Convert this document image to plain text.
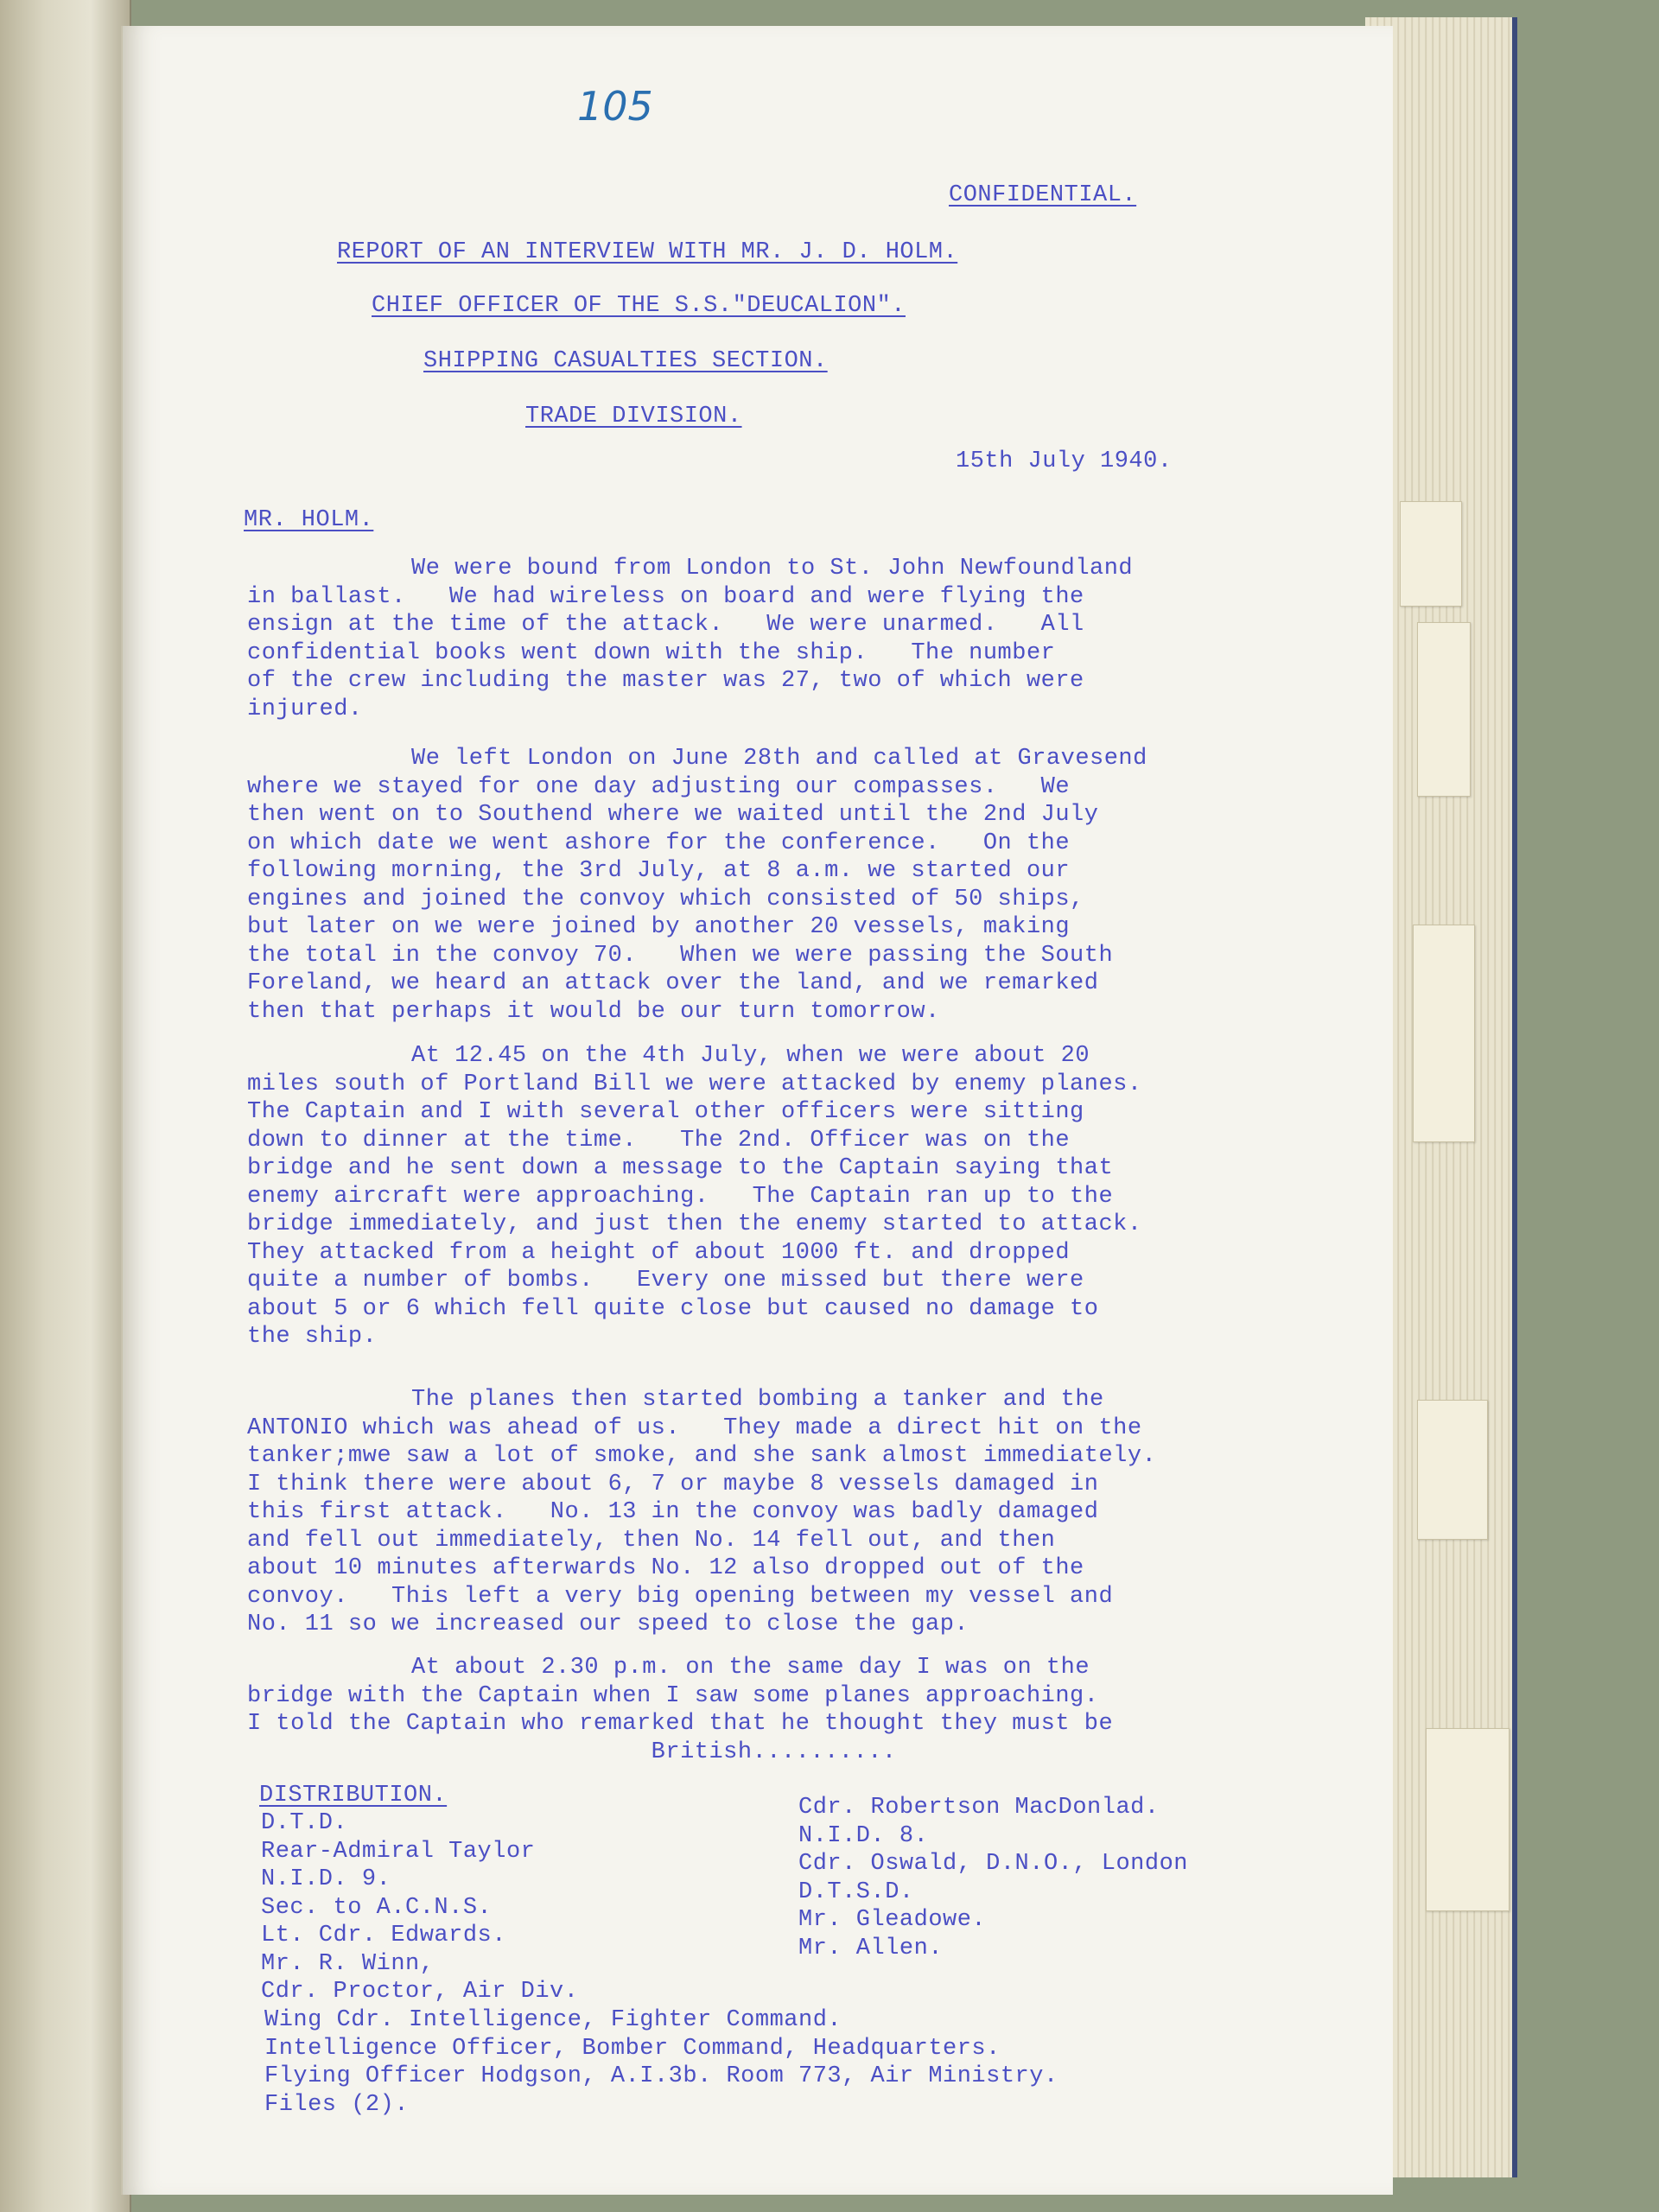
105
CONFIDENTIAL.
REPORT OF AN INTERVIEW WITH MR. J. D. HOLM.
CHIEF OFFICER OF THE S.S."DEUCALION".
SHIPPING CASUALTIES SECTION.
TRADE DIVISION.
15th July 1940.
MR. HOLM.
We were bound from London to St. John Newfoundland
in ballast.   We had wireless on board and were flying the
ensign at the time of the attack.   We were unarmed.   All
confidential books went down with the ship.   The number
of the crew including the master was 27, two of which were
injured.
We left London on June 28th and called at Gravesend
where we stayed for one day adjusting our compasses.   We
then went on to Southend where we waited until the 2nd July
on which date we went ashore for the conference.   On the
following morning, the 3rd July, at 8 a.m. we started our
engines and joined the convoy which consisted of 50 ships,
but later on we were joined by another 20 vessels, making
the total in the convoy 70.   When we were passing the South
Foreland, we heard an attack over the land, and we remarked
then that perhaps it would be our turn tomorrow.
At 12.45 on the 4th July, when we were about 20
miles south of Portland Bill we were attacked by enemy planes.
The Captain and I with several other officers were sitting
down to dinner at the time.   The 2nd. Officer was on the
bridge and he sent down a message to the Captain saying that
enemy aircraft were approaching.   The Captain ran up to the
bridge immediately, and just then the enemy started to attack.
They attacked from a height of about 1000 ft. and dropped
quite a number of bombs.   Every one missed but there were
about 5 or 6 which fell quite close but caused no damage to
the ship.
The planes then started bombing a tanker and the
ANTONIO which was ahead of us.   They made a direct hit on the
tanker;mwe saw a lot of smoke, and she sank almost immediately.
I think there were about 6, 7 or maybe 8 vessels damaged in
this first attack.   No. 13 in the convoy was badly damaged
and fell out immediately, then No. 14 fell out, and then
about 10 minutes afterwards No. 12 also dropped out of the
convoy.   This left a very big opening between my vessel and
No. 11 so we increased our speed to close the gap.
At about 2.30 p.m. on the same day I was on the
bridge with the Captain when I saw some planes approaching.
I told the Captain who remarked that he thought they must be
British..........
DISTRIBUTION.
D.T.D.
Rear-Admiral Taylor
N.I.D. 9.
Sec. to A.C.N.S.
Lt. Cdr. Edwards.
Mr. R. Winn,
Cdr. Proctor, Air Div.
Cdr. Robertson MacDonlad.
N.I.D. 8.
Cdr. Oswald, D.N.O., London
D.T.S.D.
Mr. Gleadowe.
Mr. Allen.
Wing Cdr. Intelligence, Fighter Command.
Intelligence Officer, Bomber Command, Headquarters.
Flying Officer Hodgson, A.I.3b. Room 773, Air Ministry.
Files (2).
